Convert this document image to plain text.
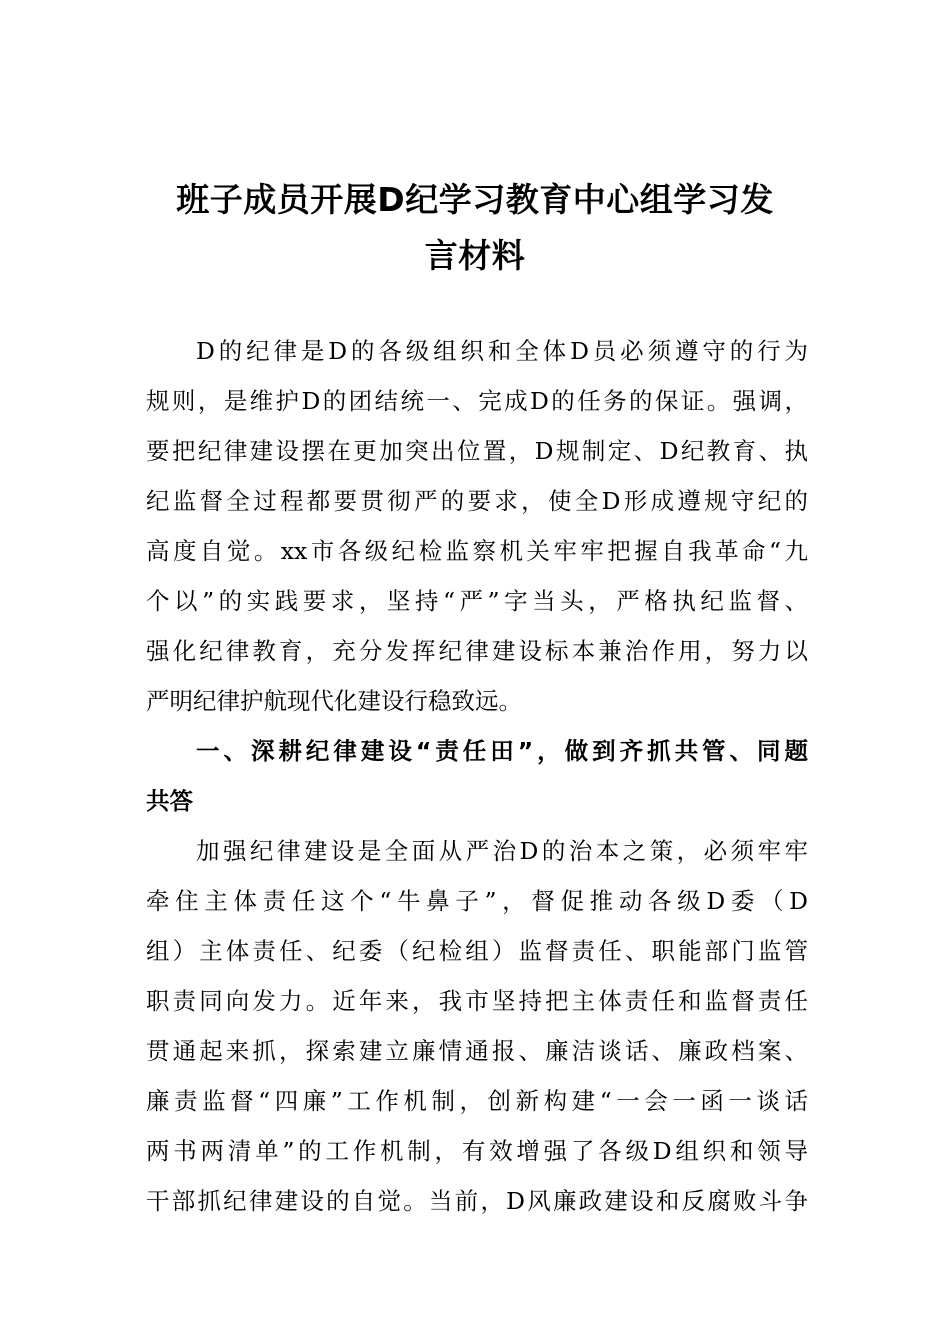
班子成员开展D纪学习教育中心组学习发
言材料
D的纪律是D的各级组织和全体D员必须遵守的行为
规则，是维护D的团结统一、完成D的任务的保证。强调，
要把纪律建设摆在更加突出位置，D规制定、D纪教育、执
纪监督全过程都要贯彻严的要求，使全D形成遵规守纪的
高度自觉。xx市各级纪检监察机关牢牢把握自我革命“九
个以”的实践要求，坚持“严”字当头，严格执纪监督、
强化纪律教育，充分发挥纪律建设标本兼治作用，努力以
严明纪律护航现代化建设行稳致远。
一、深耕纪律建设“责任田”，做到齐抓共管、同题
共答
加强纪律建设是全面从严治D的治本之策，必须牢牢
牵住主体责任这个“牛鼻子”，督促推动各级D委（D
组）主体责任、纪委（纪检组）监督责任、职能部门监管
职责同向发力。近年来，我市坚持把主体责任和监督责任
贯通起来抓，探索建立廉情通报、廉洁谈话、廉政档案、
廉责监督“四廉”工作机制，创新构建“一会一函一谈话
两书两清单”的工作机制，有效增强了各级D组织和领导
干部抓纪律建设的自觉。当前，D风廉政建设和反腐败斗争
